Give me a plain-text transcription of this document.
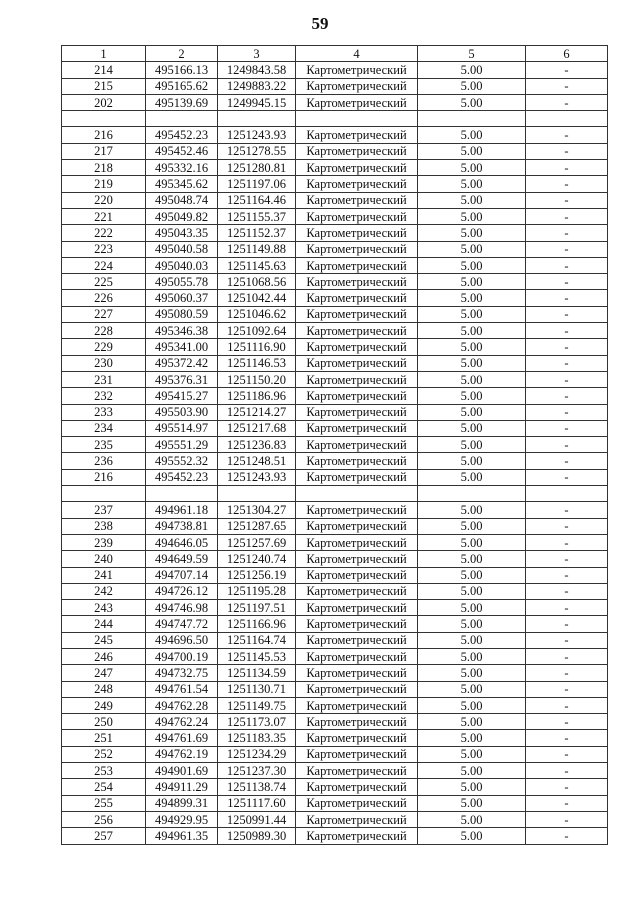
59
1	2	3	4	5	6
214	495166.13	1249843.58	Картометрический	5.00	-
215	495165.62	1249883.22	Картометрический	5.00	-
202	495139.69	1249945.15	Картометрический	5.00	-

216	495452.23	1251243.93	Картометрический	5.00	-
217	495452.46	1251278.55	Картометрический	5.00	-
218	495332.16	1251280.81	Картометрический	5.00	-
219	495345.62	1251197.06	Картометрический	5.00	-
220	495048.74	1251164.46	Картометрический	5.00	-
221	495049.82	1251155.37	Картометрический	5.00	-
222	495043.35	1251152.37	Картометрический	5.00	-
223	495040.58	1251149.88	Картометрический	5.00	-
224	495040.03	1251145.63	Картометрический	5.00	-
225	495055.78	1251068.56	Картометрический	5.00	-
226	495060.37	1251042.44	Картометрический	5.00	-
227	495080.59	1251046.62	Картометрический	5.00	-
228	495346.38	1251092.64	Картометрический	5.00	-
229	495341.00	1251116.90	Картометрический	5.00	-
230	495372.42	1251146.53	Картометрический	5.00	-
231	495376.31	1251150.20	Картометрический	5.00	-
232	495415.27	1251186.96	Картометрический	5.00	-
233	495503.90	1251214.27	Картометрический	5.00	-
234	495514.97	1251217.68	Картометрический	5.00	-
235	495551.29	1251236.83	Картометрический	5.00	-
236	495552.32	1251248.51	Картометрический	5.00	-
216	495452.23	1251243.93	Картометрический	5.00	-

237	494961.18	1251304.27	Картометрический	5.00	-
238	494738.81	1251287.65	Картометрический	5.00	-
239	494646.05	1251257.69	Картометрический	5.00	-
240	494649.59	1251240.74	Картометрический	5.00	-
241	494707.14	1251256.19	Картометрический	5.00	-
242	494726.12	1251195.28	Картометрический	5.00	-
243	494746.98	1251197.51	Картометрический	5.00	-
244	494747.72	1251166.96	Картометрический	5.00	-
245	494696.50	1251164.74	Картометрический	5.00	-
246	494700.19	1251145.53	Картометрический	5.00	-
247	494732.75	1251134.59	Картометрический	5.00	-
248	494761.54	1251130.71	Картометрический	5.00	-
249	494762.28	1251149.75	Картометрический	5.00	-
250	494762.24	1251173.07	Картометрический	5.00	-
251	494761.69	1251183.35	Картометрический	5.00	-
252	494762.19	1251234.29	Картометрический	5.00	-
253	494901.69	1251237.30	Картометрический	5.00	-
254	494911.29	1251138.74	Картометрический	5.00	-
255	494899.31	1251117.60	Картометрический	5.00	-
256	494929.95	1250991.44	Картометрический	5.00	-
257	494961.35	1250989.30	Картометрический	5.00	-
